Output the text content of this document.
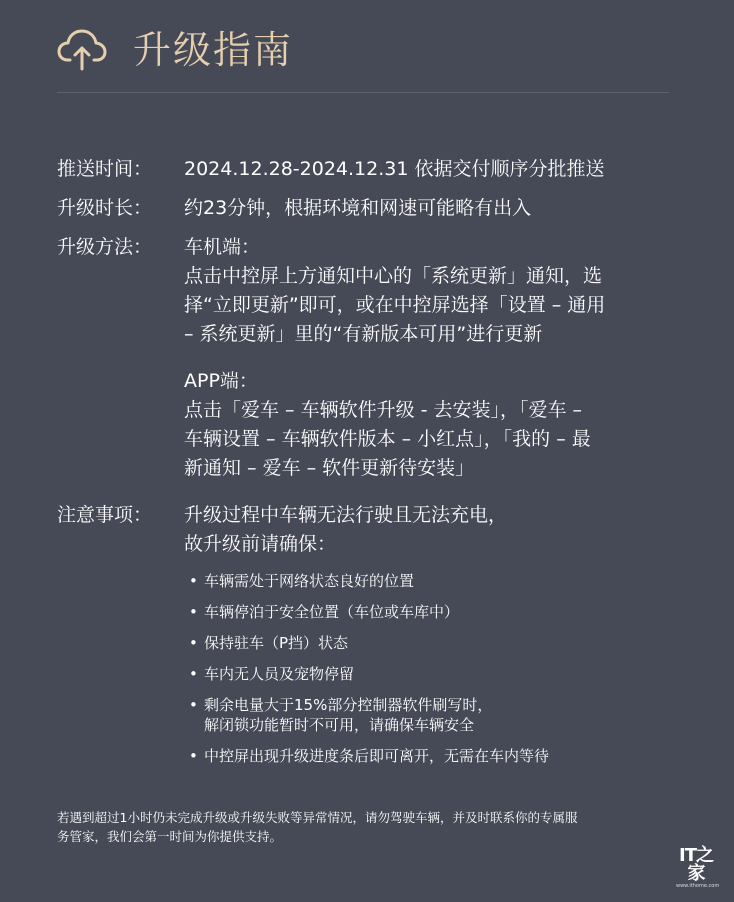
升级指南
推送时间：	2024.12.28-2024.12.31 依据交付顺序分批推送
升级时长：	约23分钟，根据环境和网速可能略有出入
升级方法：	车机端：
点击中控屏上方通知中心的「系统更新」通知，选
择“立即更新”即可，或在中控屏选择「设置 – 通用
– 系统更新」里的“有新版本可用”进行更新
APP端：
点击「爱车 – 车辆软件升级 - 去安装」，「爱车 –
车辆设置 – 车辆软件版本 – 小红点」，「我的 – 最
新通知 – 爱车 – 软件更新待安装」
注意事项：	升级过程中车辆无法行驶且无法充电，
故升级前请确保：
• 车辆需处于网络状态良好的位置
• 车辆停泊于安全位置（车位或车库中）
• 保持驻车（P挡）状态
• 车内无人员及宠物停留
• 剩余电量大于15%部分控制器软件刷写时，
解闭锁功能暂时不可用，请确保车辆安全
• 中控屏出现升级进度条后即可离开，无需在车内等待
若遇到超过1小时仍未完成升级或升级失败等异常情况，请勿驾驶车辆，并及时联系你的专属服
务管家，我们会第一时间为你提供支持。
IT之家
www.ithome.com
